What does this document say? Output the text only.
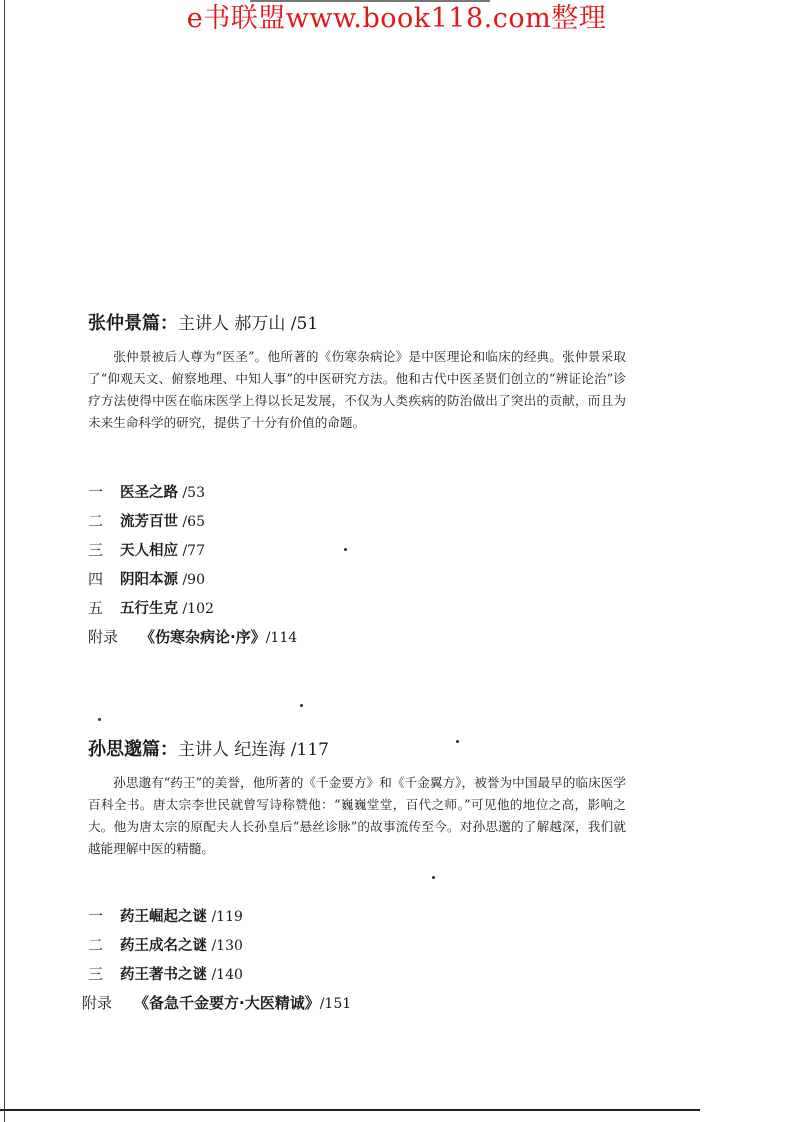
e书联盟www.book118.com整理
张仲景篇：主讲人 郝万山 /51

张仲景被后人尊为“医圣”。他所著的《伤寒杂病论》是中医理论和临床的经典。张仲景采取了“仰观天文、俯察地理、中知人事”的中医研究方法。他和古代中医圣贤们创立的“辨证论治”诊疗方法使得中医在临床医学上得以长足发展，不仅为人类疾病的防治做出了突出的贡献，而且为未来生命科学的研究，提供了十分有价值的命题。

一 医圣之路 /53
二 流芳百世 /65
三 天人相应 /77
四 阴阳本源 /90
五 五行生克 /102
附录 《伤寒杂病论·序》/114
孙思邈篇：主讲人 纪连海 /117

孙思邈有“药王”的美誉，他所著的《千金要方》和《千金翼方》，被誉为中国最早的临床医学百科全书。唐太宗李世民就曾写诗称赞他：“巍巍堂堂，百代之师。”可见他的地位之高，影响之大。他为唐太宗的原配夫人长孙皇后“悬丝诊脉”的故事流传至今。对孙思邈的了解越深，我们就越能理解中医的精髓。

一 药王崛起之谜 /119
二 药王成名之谜 /130
三 药王著书之谜 /140
附录 《备急千金要方·大医精诚》/151
